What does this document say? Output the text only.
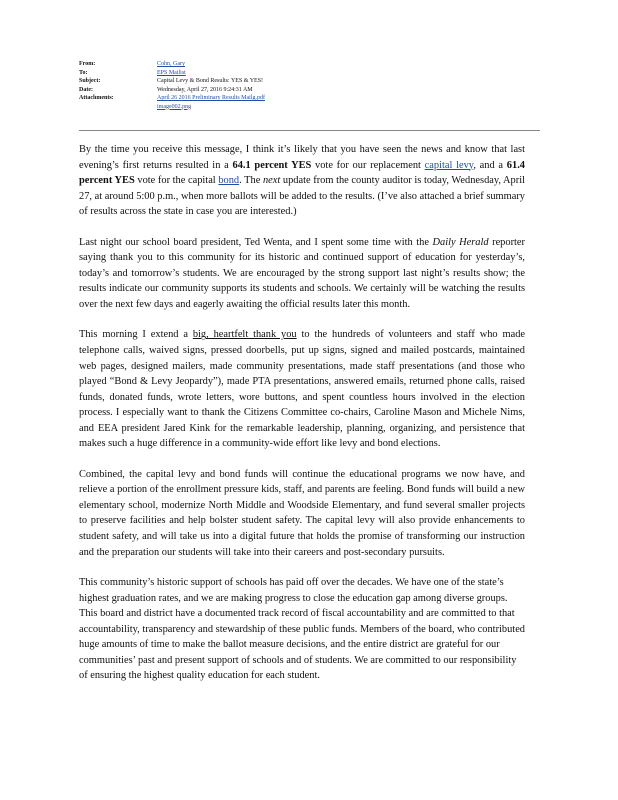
From:	Cohn, Gary
To:	EPS Mailist
Subject:	Capital Levy & Bond Results: YES & YES!
Date:	Wednesday, April 27, 2016 9:24:31 AM
Attachments:	April 26 2016 Preliminary Results Mailg.pdf
image002.png

By the time you receive this message, I think it’s likely that you have seen the news and know that last evening’s first returns resulted in a 64.1 percent YES vote for our replacement capital levy, and a 61.4 percent YES vote for the capital bond. The next update from the county auditor is today, Wednesday, April 27, at around 5:00 p.m., when more ballots will be added to the results. (I’ve also attached a brief summary of results across the state in case you are interested.)

Last night our school board president, Ted Wenta, and I spent some time with the Daily Herald reporter saying thank you to this community for its historic and continued support of education for yesterday’s, today’s and tomorrow’s students. We are encouraged by the strong support last night’s results show; the results indicate our community supports its students and schools. We certainly will be watching the results over the next few days and eagerly awaiting the official results later this month.

This morning I extend a big, heartfelt thank you to the hundreds of volunteers and staff who made telephone calls, waived signs, pressed doorbells, put up signs, signed and mailed postcards, maintained web pages, designed mailers, made community presentations, made staff presentations (and those who played “Bond & Levy Jeopardy”), made PTA presentations, answered emails, returned phone calls, raised funds, donated funds, wrote letters, wore buttons, and spent countless hours involved in the election process. I especially want to thank the Citizens Committee co-chairs, Caroline Mason and Michele Nims, and EEA president Jared Kink for the remarkable leadership, planning, organizing, and persistence that makes such a huge difference in a community-wide effort like levy and bond elections.

Combined, the capital levy and bond funds will continue the educational programs we now have, and relieve a portion of the enrollment pressure kids, staff, and parents are feeling. Bond funds will build a new elementary school, modernize North Middle and Woodside Elementary, and fund several smaller projects to preserve facilities and help bolster student safety. The capital levy will also provide enhancements to student safety, and will take us into a digital future that holds the promise of transforming our instruction and the preparation our students will take into their careers and post-secondary pursuits.

This community’s historic support of schools has paid off over the decades. We have one of the state’s highest graduation rates, and we are making progress to close the education gap among diverse groups. This board and district have a documented track record of fiscal accountability and are committed to that accountability, transparency and stewardship of these public funds. Members of the board, who contributed huge amounts of time to make the ballot measure decisions, and the entire district are grateful for our communities’ past and present support of schools and of students. We are committed to our responsibility of ensuring the highest quality education for each student.
